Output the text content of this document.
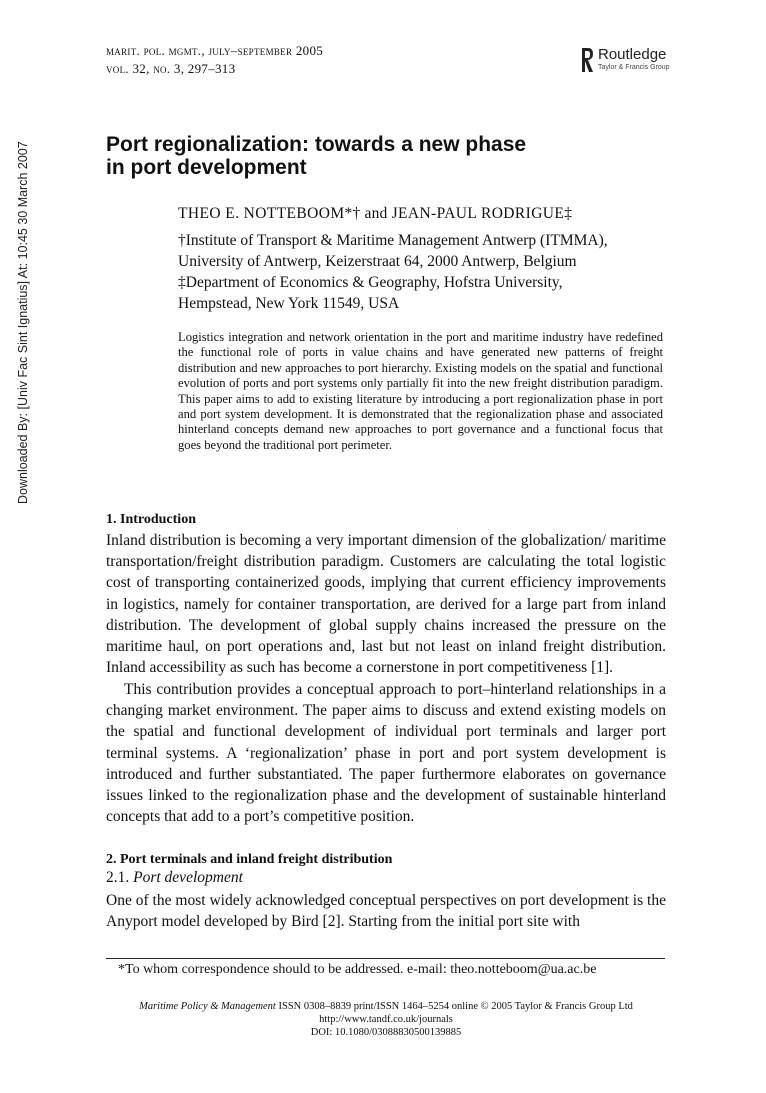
Downloaded By: [Univ Fac Sint Ignatius] At: 10:45 30 March 2007
marit. pol. mgmt., july–september 2005
vol. 32, no. 3, 297–313
Routledge
Taylor & Francis Group
Port regionalization: towards a new phase
in port development
THEO E. NOTTEBOOM*† and JEAN-PAUL RODRIGUE‡
†Institute of Transport & Maritime Management Antwerp (ITMMA),
University of Antwerp, Keizerstraat 64, 2000 Antwerp, Belgium
‡Department of Economics & Geography, Hofstra University,
Hempstead, New York 11549, USA

Logistics integration and network orientation in the port and maritime industry have redefined the functional role of ports in value chains and have generated new patterns of freight distribution and new approaches to port hierarchy. Existing models on the spatial and functional evolution of ports and port systems only partially fit into the new freight distribution paradigm. This paper aims to add to existing literature by introducing a port regionalization phase in port and port system development. It is demonstrated that the regionalization phase and associated hinterland concepts demand new approaches to port governance and a functional focus that goes beyond the traditional port perimeter.

1. Introduction

Inland distribution is becoming a very important dimension of the globalization/ maritime transportation/freight distribution paradigm. Customers are calculating the total logistic cost of transporting containerized goods, implying that current efficiency improvements in logistics, namely for container transportation, are derived for a large part from inland distribution. The development of global supply chains increased the pressure on the maritime haul, on port operations and, last but not least on inland freight distribution. Inland accessibility as such has become a cornerstone in port competitiveness [1].

This contribution provides a conceptual approach to port–hinterland relationships in a changing market environment. The paper aims to discuss and extend existing models on the spatial and functional development of individual port terminals and larger port terminal systems. A ‘regionalization’ phase in port and port system development is introduced and further substantiated. The paper furthermore elaborates on governance issues linked to the regionalization phase and the development of sustainable hinterland concepts that add to a port’s competitive position.

2. Port terminals and inland freight distribution
2.1. Port development

One of the most widely acknowledged conceptual perspectives on port development is the Anyport model developed by Bird [2]. Starting from the initial port site with

*To whom correspondence should to be addressed. e-mail: theo.notteboom@ua.ac.be

Maritime Policy & Management ISSN 0308–8839 print/ISSN 1464–5254 online © 2005 Taylor & Francis Group Ltd

http://www.tandf.co.uk/journals

DOI: 10.1080/03088830500139885
